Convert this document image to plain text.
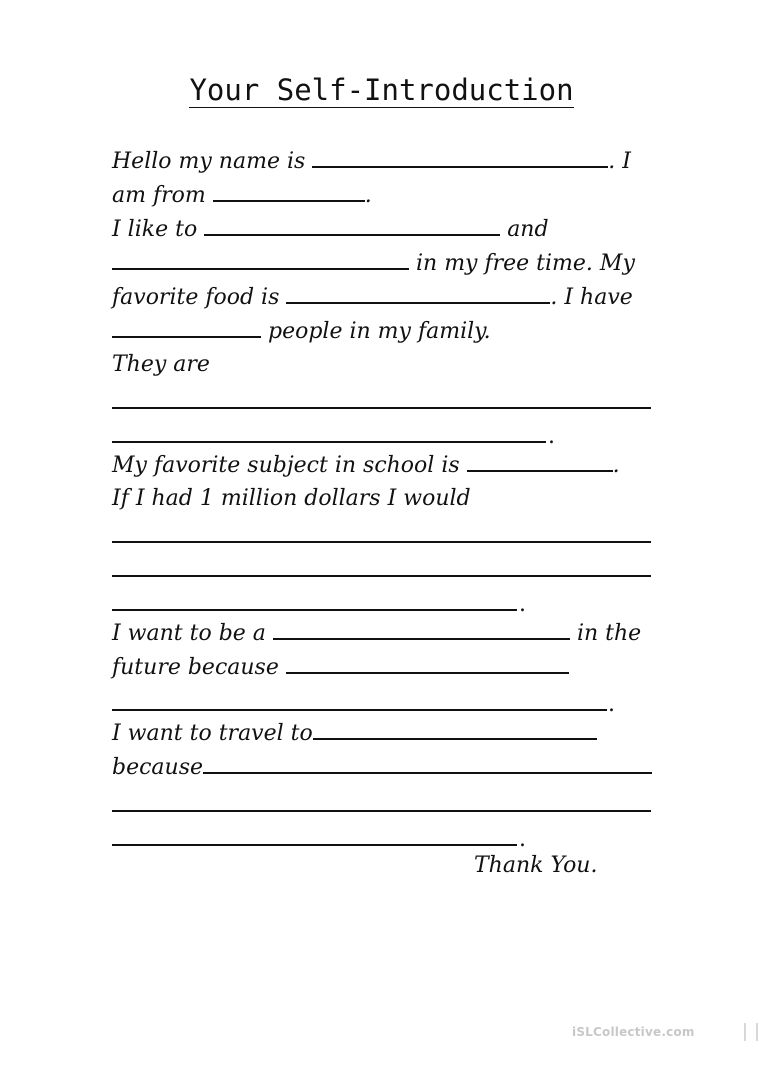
Your Self-Introduction
Hello my name is	. I
am from	.
I like to	and
in my free time. My
favorite food is	. I have
people in my family.
They are
.
My favorite subject in school is	.
If I had 1 million dollars I would
.
I want to be a	in the
future because
.
I want to travel to
because
.
Thank You.
iSLCollective.com
